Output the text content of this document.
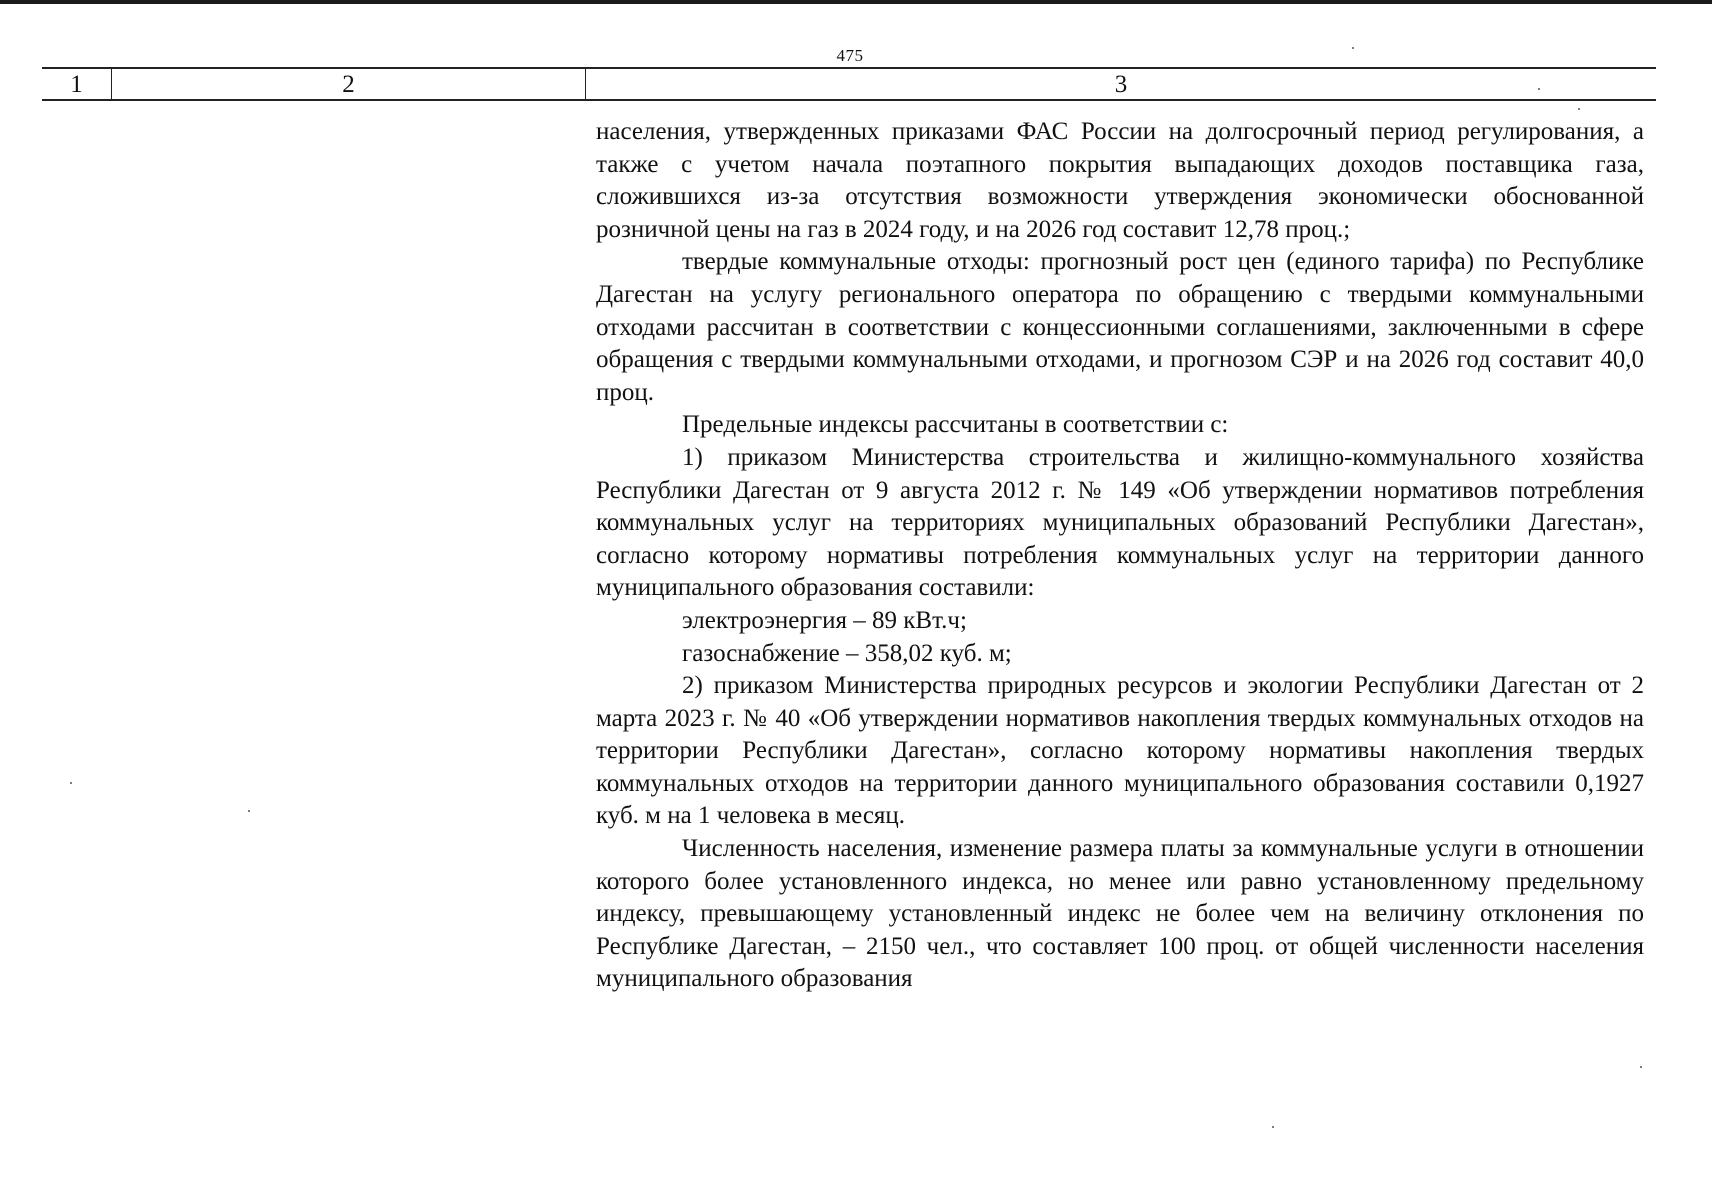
475
1	2	3

населения, утвержденных приказами ФАС России на долгосрочный период регулирования, а также с учетом начала поэтапного покрытия выпадающих доходов поставщика газа, сложившихся из-за отсутствия возможности утверждения экономически обоснованной розничной цены на газ в 2024 году, и на 2026 год составит 12,78 проц.;

твердые коммунальные отходы: прогнозный рост цен (единого тарифа) по Республике Дагестан на услугу регионального оператора по обращению с твердыми коммунальными отходами рассчитан в соответствии с концессионными соглашениями, заключенными в сфере обращения с твердыми коммунальными отходами, и прогнозом СЭР и на 2026 год составит 40,0 проц.

Предельные индексы рассчитаны в соответствии с:

1) приказом Министерства строительства и жилищно-коммунального хозяйства Республики Дагестан от 9 августа 2012 г. № 149 «Об утверждении нормативов потребления коммунальных услуг на территориях муниципальных образований Республики Дагестан», согласно которому нормативы потребления коммунальных услуг на территории данного муниципального образования составили:

электроэнергия – 89 кВт.ч;

газоснабжение – 358,02 куб. м;

2) приказом Министерства природных ресурсов и экологии Республики Дагестан от 2 марта 2023 г. № 40 «Об утверждении нормативов накопления твердых коммунальных отходов на территории Республики Дагестан», согласно которому нормативы накопления твердых коммунальных отходов на территории данного муниципального образования составили 0,1927 куб. м на 1 человека в месяц.

Численность населения, изменение размера платы за коммунальные услуги в отношении которого более установленного индекса, но менее или равно установленному предельному индексу, превышающему установленный индекс не более чем на величину отклонения по Республике Дагестан, – 2150 чел., что составляет 100 проц. от общей численности населения муниципального образования
